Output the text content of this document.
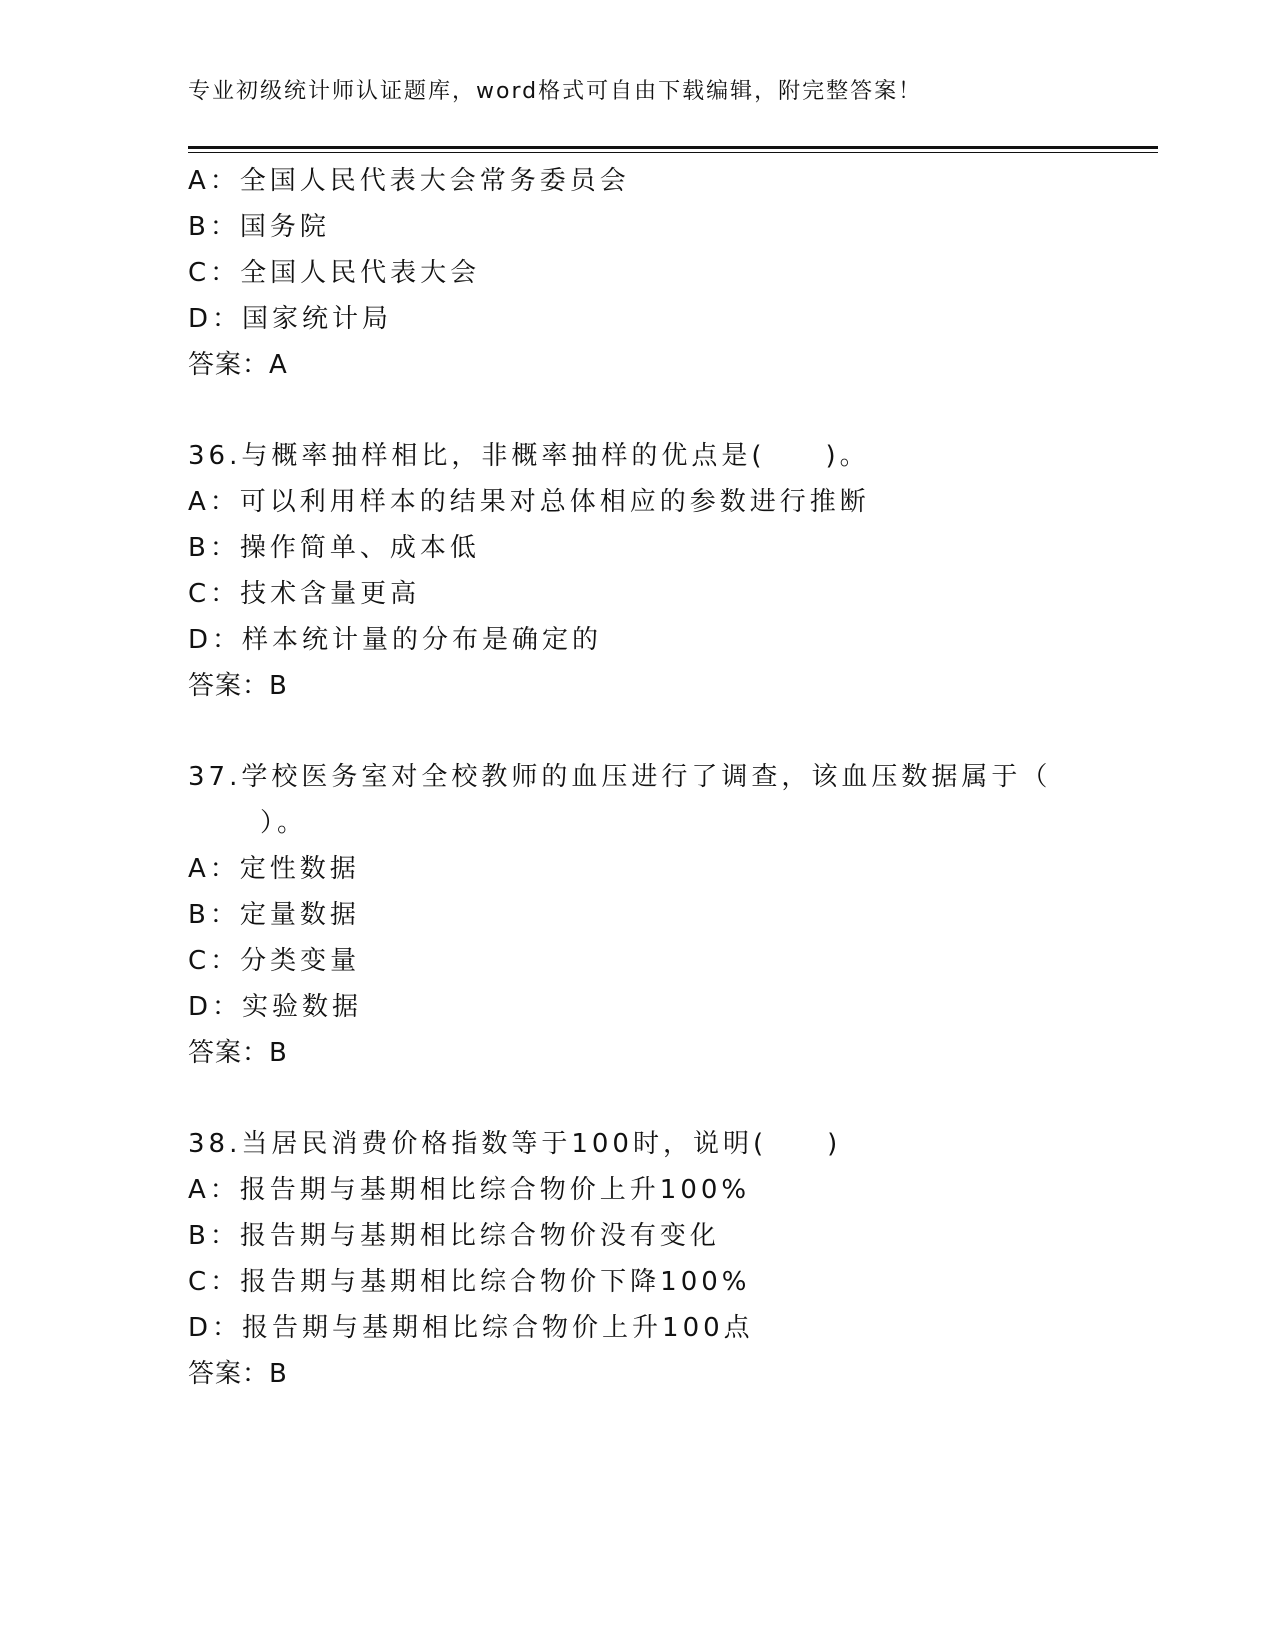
专业初级统计师认证题库，word格式可自由下载编辑，附完整答案！
A：全国人民代表大会常务委员会
B：国务院
C：全国人民代表大会
D：国家统计局
答案：A
36.与概率抽样相比，非概率抽样的优点是(　　)。
A：可以利用样本的结果对总体相应的参数进行推断
B：操作简单、成本低
C：技术含量更高
D：样本统计量的分布是确定的
答案：B
37.学校医务室对全校教师的血压进行了调查，该血压数据属于（
）。
A：定性数据
B：定量数据
C：分类变量
D：实验数据
答案：B
38.当居民消费价格指数等于100时，说明(　　)
A：报告期与基期相比综合物价上升100%
B：报告期与基期相比综合物价没有变化
C：报告期与基期相比综合物价下降100%
D：报告期与基期相比综合物价上升100点
答案：B
